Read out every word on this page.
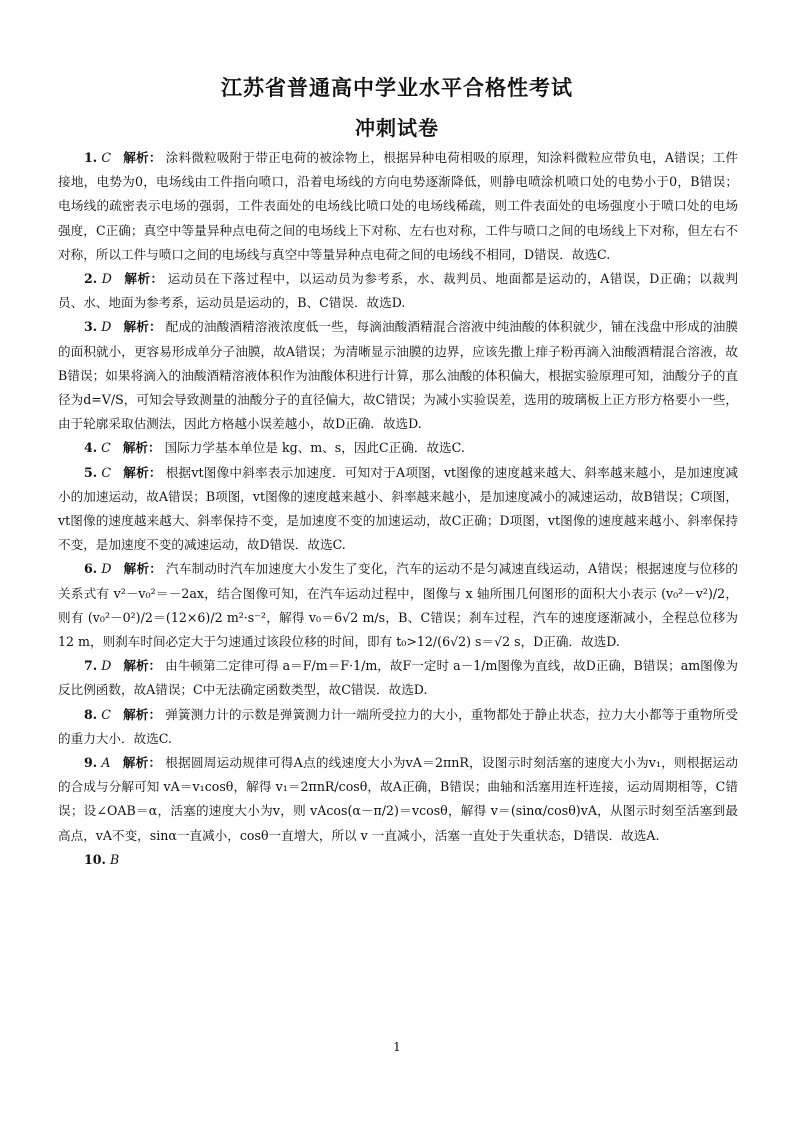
江苏省普通高中学业水平合格性考试
冲刺试卷

1. C 解析： 涂料微粒吸附于带正电荷的被涂物上，根据异种电荷相吸的原理，知涂料微粒应带负电，A错误；工件接地，电势为0，电场线由工件指向喷口，沿着电场线的方向电势逐渐降低，则静电喷涂机喷口处的电势小于0，B错误；电场线的疏密表示电场的强弱，工件表面处的电场线比喷口处的电场线稀疏，则工件表面处的电场强度小于喷口处的电场强度，C正确；真空中等量异种点电荷之间的电场线上下对称、左右也对称，工件与喷口之间的电场线上下对称，但左右不对称，所以工件与喷口之间的电场线与真空中等量异种点电荷之间的电场线不相同，D错误．故选C.

2. D 解析： 运动员在下落过程中，以运动员为参考系，水、裁判员、地面都是运动的，A错误，D正确；以裁判员、水、地面为参考系，运动员是运动的，B、C错误．故选D.

3. D 解析： 配成的油酸酒精溶液浓度低一些，每滴油酸酒精混合溶液中纯油酸的体积就少，铺在浅盘中形成的油膜的面积就小，更容易形成单分子油膜，故A错误；为清晰显示油膜的边界，应该先撒上痱子粉再滴入油酸酒精混合溶液，故B错误；如果将滴入的油酸酒精溶液体积作为油酸体积进行计算，那么油酸的体积偏大，根据实验原理可知，油酸分子的直径为d=V/S，可知会导致测量的油酸分子的直径偏大，故C错误；为减小实验误差，选用的玻璃板上正方形方格要小一些，由于轮廓采取估测法，因此方格越小误差越小，故D正确．故选D.

4. C 解析： 国际力学基本单位是 kg、m、s，因此C正确．故选C.

5. C 解析： 根据vt图像中斜率表示加速度．可知对于A项图，vt图像的速度越来越大、斜率越来越小，是加速度减小的加速运动，故A错误；B项图，vt图像的速度越来越小、斜率越来越小，是加速度减小的减速运动，故B错误；C项图，vt图像的速度越来越大、斜率保持不变，是加速度不变的加速运动，故C正确；D项图，vt图像的速度越来越小、斜率保持不变，是加速度不变的减速运动，故D错误．故选C.

6. D 解析： 汽车制动时汽车加速度大小发生了变化，汽车的运动不是匀减速直线运动，A错误；根据速度与位移的关系式有 v²－v₀²＝－2ax，结合图像可知，在汽车运动过程中，图像与 x 轴所围几何图形的面积大小表示 (v₀²－v²)/2，则有 (v₀²－0²)/2＝(12×6)/2 m²·s⁻²，解得 v₀＝6√2 m/s，B、C错误；刹车过程，汽车的速度逐渐减小，全程总位移为 12 m，则刹车时间必定大于匀速通过该段位移的时间，即有 t₀>12/(6√2) s＝√2 s，D正确．故选D.

7. D 解析： 由牛顿第二定律可得 a＝F/m＝F·1/m，故F一定时 a－1/m图像为直线，故D正确，B错误；am图像为反比例函数，故A错误；C中无法确定函数类型，故C错误．故选D.

8. C 解析： 弹簧测力计的示数是弹簧测力计一端所受拉力的大小，重物都处于静止状态，拉力大小都等于重物所受的重力大小．故选C.

9. A 解析： 根据圆周运动规律可得A点的线速度大小为vA＝2πnR，设图示时刻活塞的速度大小为v₁，则根据运动的合成与分解可知 vA＝v₁cosθ，解得 v₁＝2πnR/cosθ，故A正确，B错误；曲轴和活塞用连杆连接，运动周期相等，C错误；设∠OAB＝α，活塞的速度大小为v，则 vAcos(α－π/2)＝vcosθ，解得 v＝(sinα/cosθ)vA，从图示时刻至活塞到最高点，vA不变，sinα一直减小，cosθ一直增大，所以 v 一直减小，活塞一直处于失重状态，D错误．故选A.

10. B

1
